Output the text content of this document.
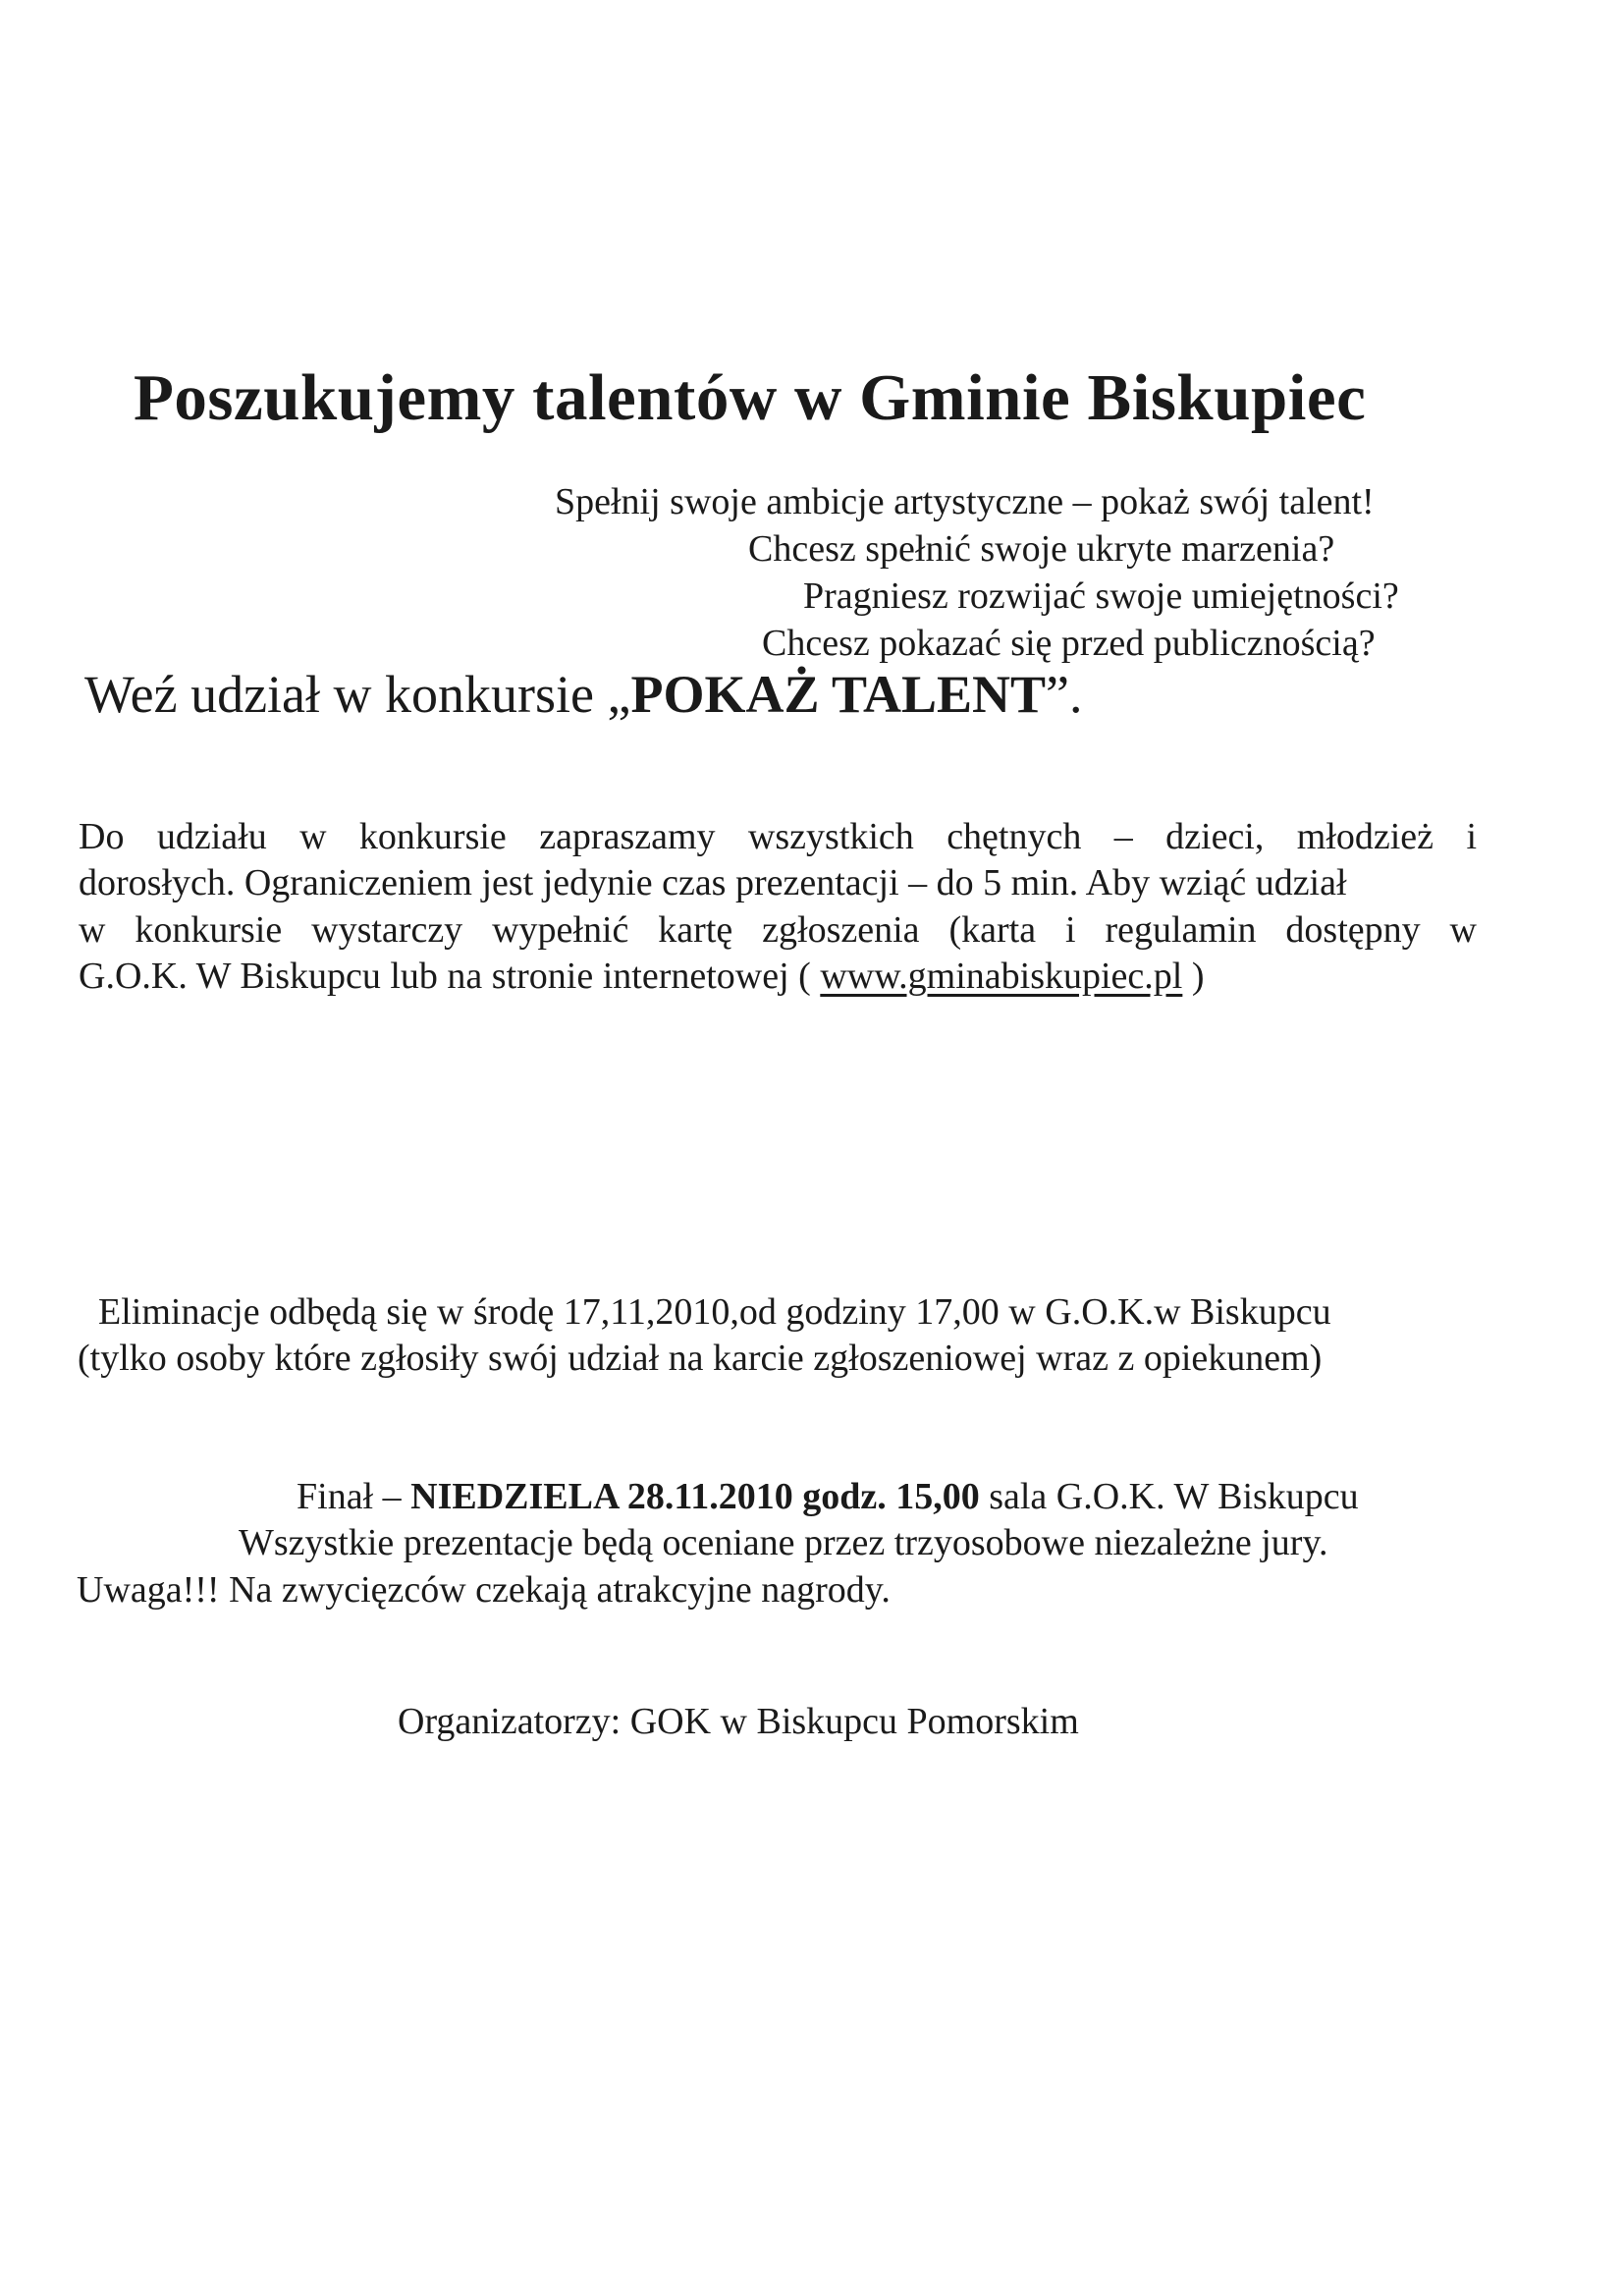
Poszukujemy talentów w Gminie Biskupiec
Spełnij swoje ambicje artystyczne – pokaż swój talent!
Chcesz spełnić swoje ukryte marzenia?
Pragniesz rozwijać swoje umiejętności?
Chcesz pokazać się przed publicznością?
Weź udział w konkursie „POKAŻ TALENT”.
Do udziału w konkursie zapraszamy wszystkich chętnych – dzieci, młodzież i
dorosłych. Ograniczeniem jest jedynie czas prezentacji – do 5 min. Aby wziąć udział
w konkursie wystarczy wypełnić kartę zgłoszenia (karta i regulamin dostępny w
G.O.K. W Biskupcu lub na stronie internetowej ( www.gminabiskupiec.pl )
Eliminacje odbędą się w środę 17,11,2010,od godziny 17,00 w G.O.K.w Biskupcu
(tylko osoby które zgłosiły swój udział na karcie zgłoszeniowej wraz z opiekunem)
Finał – NIEDZIELA 28.11.2010 godz. 15,00 sala G.O.K. W Biskupcu
Wszystkie prezentacje będą oceniane przez trzyosobowe niezależne jury.
Uwaga!!! Na zwycięzców czekają atrakcyjne nagrody.
Organizatorzy: GOK w Biskupcu Pomorskim
